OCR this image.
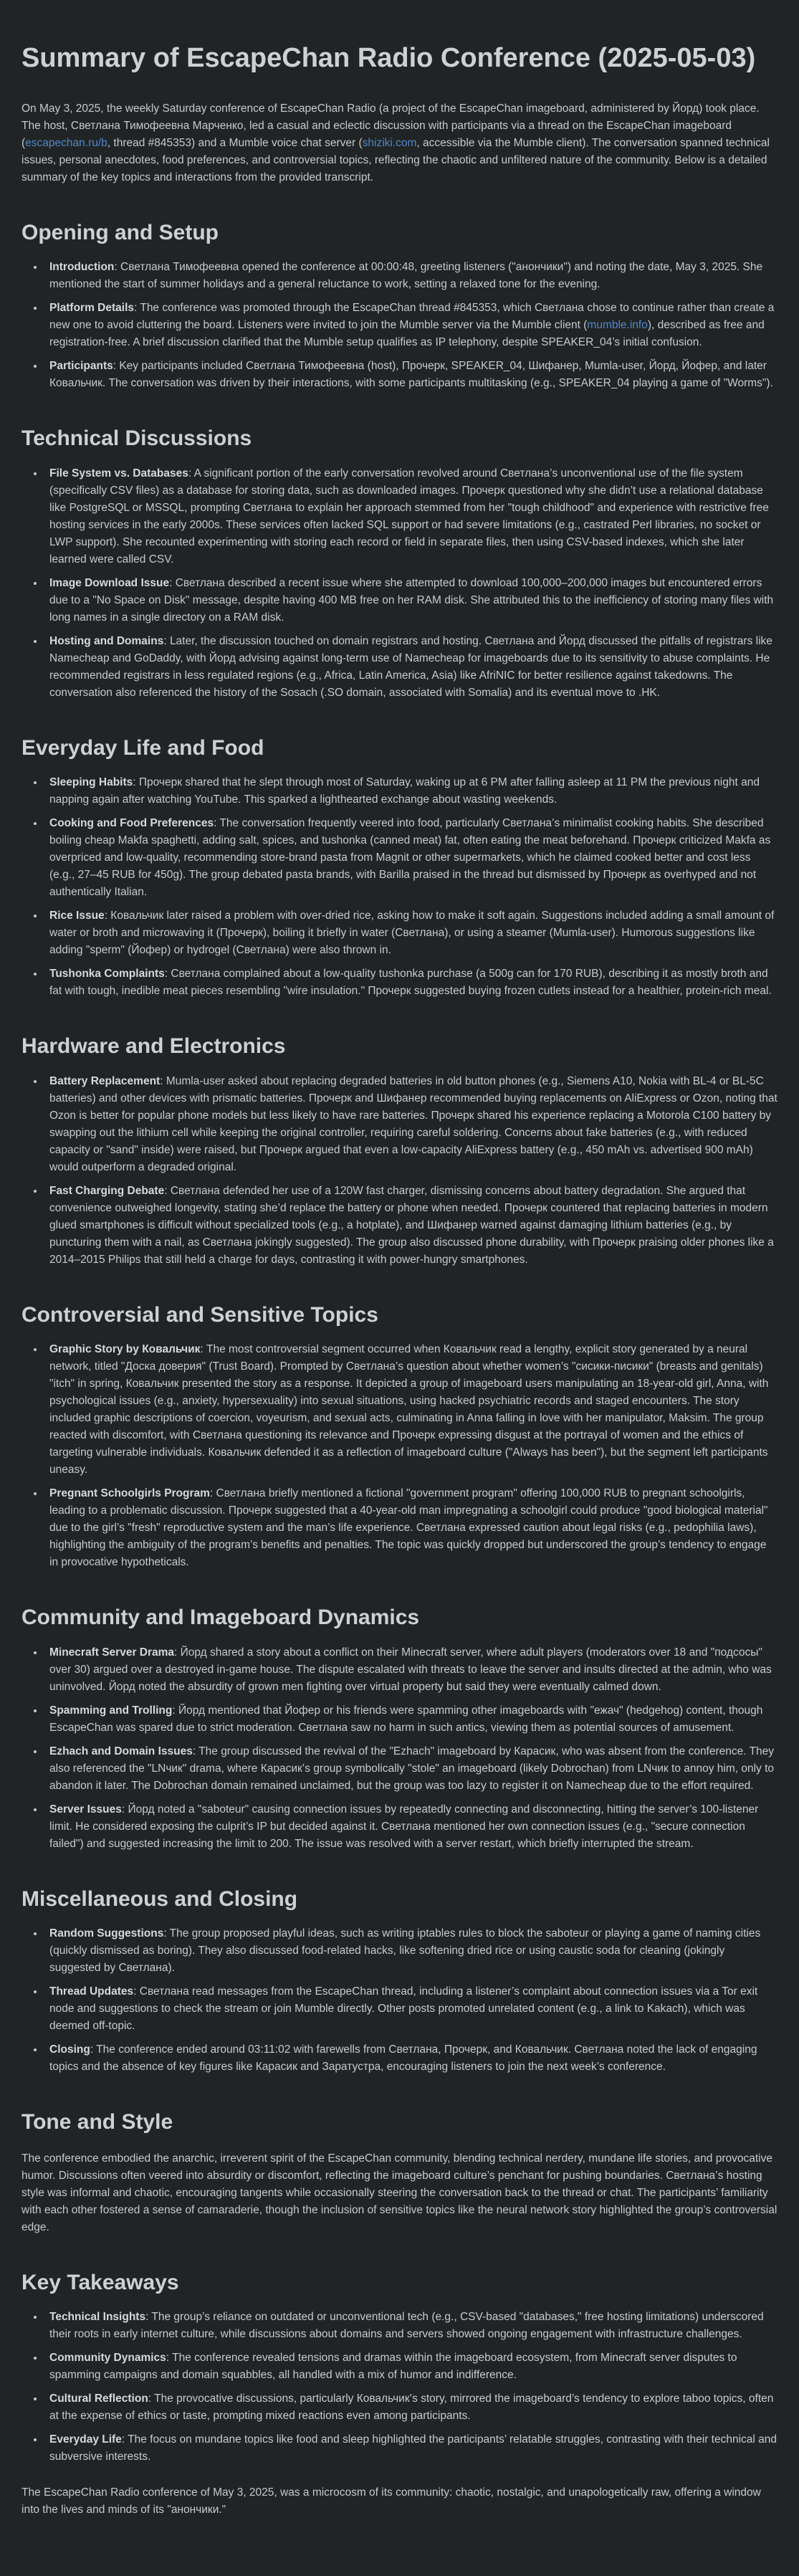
Summary of EscapeChan Radio Conference (2025-05-03)

On May 3, 2025, the weekly Saturday conference of EscapeChan Radio (a project of the EscapeChan imageboard, administered by Йорд) took place. The host, Светлана Тимофеевна Марченко, led a casual and eclectic discussion with participants via a thread on the EscapeChan imageboard (escapechan.ru/b, thread #845353) and a Mumble voice chat server (shiziki.com, accessible via the Mumble client). The conversation spanned technical issues, personal anecdotes, food preferences, and controversial topics, reflecting the chaotic and unfiltered nature of the community. Below is a detailed summary of the key topics and interactions from the provided transcript.

Opening and Setup
• Introduction: Светлана Тимофеевна opened the conference at 00:00:48, greeting listeners ("анончики") and noting the date, May 3, 2025. She mentioned the start of summer holidays and a general reluctance to work, setting a relaxed tone for the evening.
• Platform Details: The conference was promoted through the EscapeChan thread #845353, which Светлана chose to continue rather than create a new one to avoid cluttering the board. Listeners were invited to join the Mumble server via the Mumble client (mumble.info), described as free and registration-free. A brief discussion clarified that the Mumble setup qualifies as IP telephony, despite SPEAKER_04’s initial confusion.
• Participants: Key participants included Светлана Тимофеевна (host), Прочерк, SPEAKER_04, Шифанер, Mumla-user, Йорд, Йофер, and later Ковальчик. The conversation was driven by their interactions, with some participants multitasking (e.g., SPEAKER_04 playing a game of "Worms").
Technical Discussions
• File System vs. Databases: A significant portion of the early conversation revolved around Светлана’s unconventional use of the file system (specifically CSV files) as a database for storing data, such as downloaded images. Прочерк questioned why she didn’t use a relational database like PostgreSQL or MSSQL, prompting Светлана to explain her approach stemmed from her "tough childhood" and experience with restrictive free hosting services in the early 2000s. These services often lacked SQL support or had severe limitations (e.g., castrated Perl libraries, no socket or LWP support). She recounted experimenting with storing each record or field in separate files, then using CSV-based indexes, which she later learned were called CSV.
• Image Download Issue: Светлана described a recent issue where she attempted to download 100,000–200,000 images but encountered errors due to a "No Space on Disk" message, despite having 400 MB free on her RAM disk. She attributed this to the inefficiency of storing many files with long names in a single directory on a RAM disk.
• Hosting and Domains: Later, the discussion touched on domain registrars and hosting. Светлана and Йорд discussed the pitfalls of registrars like Namecheap and GoDaddy, with Йорд advising against long-term use of Namecheap for imageboards due to its sensitivity to abuse complaints. He recommended registrars in less regulated regions (e.g., Africa, Latin America, Asia) like AfriNIC for better resilience against takedowns. The conversation also referenced the history of the Sosach (.SO domain, associated with Somalia) and its eventual move to .HK.
Everyday Life and Food
• Sleeping Habits: Прочерк shared that he slept through most of Saturday, waking up at 6 PM after falling asleep at 11 PM the previous night and napping again after watching YouTube. This sparked a lighthearted exchange about wasting weekends.
• Cooking and Food Preferences: The conversation frequently veered into food, particularly Светлана’s minimalist cooking habits. She described boiling cheap Makfa spaghetti, adding salt, spices, and tushonka (canned meat) fat, often eating the meat beforehand. Прочерк criticized Makfa as overpriced and low-quality, recommending store-brand pasta from Magnit or other supermarkets, which he claimed cooked better and cost less (e.g., 27–45 RUB for 450g). The group debated pasta brands, with Barilla praised in the thread but dismissed by Прочерк as overhyped and not authentically Italian.
• Rice Issue: Ковальчик later raised a problem with over-dried rice, asking how to make it soft again. Suggestions included adding a small amount of water or broth and microwaving it (Прочерк), boiling it briefly in water (Светлана), or using a steamer (Mumla-user). Humorous suggestions like adding "sperm" (Йофер) or hydrogel (Светлана) were also thrown in.
• Tushonka Complaints: Светлана complained about a low-quality tushonka purchase (a 500g can for 170 RUB), describing it as mostly broth and fat with tough, inedible meat pieces resembling "wire insulation." Прочерк suggested buying frozen cutlets instead for a healthier, protein-rich meal.
Hardware and Electronics
• Battery Replacement: Mumla-user asked about replacing degraded batteries in old button phones (e.g., Siemens A10, Nokia with BL-4 or BL-5C batteries) and other devices with prismatic batteries. Прочерк and Шифанер recommended buying replacements on AliExpress or Ozon, noting that Ozon is better for popular phone models but less likely to have rare batteries. Прочерк shared his experience replacing a Motorola C100 battery by swapping out the lithium cell while keeping the original controller, requiring careful soldering. Concerns about fake batteries (e.g., with reduced capacity or "sand" inside) were raised, but Прочерк argued that even a low-capacity AliExpress battery (e.g., 450 mAh vs. advertised 900 mAh) would outperform a degraded original.
• Fast Charging Debate: Светлана defended her use of a 120W fast charger, dismissing concerns about battery degradation. She argued that convenience outweighed longevity, stating she’d replace the battery or phone when needed. Прочерк countered that replacing batteries in modern glued smartphones is difficult without specialized tools (e.g., a hotplate), and Шифанер warned against damaging lithium batteries (e.g., by puncturing them with a nail, as Светлана jokingly suggested). The group also discussed phone durability, with Прочерк praising older phones like a 2014–2015 Philips that still held a charge for days, contrasting it with power-hungry smartphones.
Controversial and Sensitive Topics
• Graphic Story by Ковальчик: The most controversial segment occurred when Ковальчик read a lengthy, explicit story generated by a neural network, titled "Доска доверия" (Trust Board). Prompted by Светлана’s question about whether women’s "сисики-писики" (breasts and genitals) "itch" in spring, Ковальчик presented the story as a response. It depicted a group of imageboard users manipulating an 18-year-old girl, Anna, with psychological issues (e.g., anxiety, hypersexuality) into sexual situations, using hacked psychiatric records and staged encounters. The story included graphic descriptions of coercion, voyeurism, and sexual acts, culminating in Anna falling in love with her manipulator, Maksim. The group reacted with discomfort, with Светлана questioning its relevance and Прочерк expressing disgust at the portrayal of women and the ethics of targeting vulnerable individuals. Ковальчик defended it as a reflection of imageboard culture ("Always has been"), but the segment left participants uneasy.
• Pregnant Schoolgirls Program: Светлана briefly mentioned a fictional "government program" offering 100,000 RUB to pregnant schoolgirls, leading to a problematic discussion. Прочерк suggested that a 40-year-old man impregnating a schoolgirl could produce "good biological material" due to the girl’s "fresh" reproductive system and the man’s life experience. Светлана expressed caution about legal risks (e.g., pedophilia laws), highlighting the ambiguity of the program’s benefits and penalties. The topic was quickly dropped but underscored the group’s tendency to engage in provocative hypotheticals.
Community and Imageboard Dynamics
• Minecraft Server Drama: Йорд shared a story about a conflict on their Minecraft server, where adult players (moderators over 18 and "подсосы" over 30) argued over a destroyed in-game house. The dispute escalated with threats to leave the server and insults directed at the admin, who was uninvolved. Йорд noted the absurdity of grown men fighting over virtual property but said they were eventually calmed down.
• Spamming and Trolling: Йорд mentioned that Йофер or his friends were spamming other imageboards with "ежач" (hedgehog) content, though EscapeChan was spared due to strict moderation. Светлана saw no harm in such antics, viewing them as potential sources of amusement.
• Ezhach and Domain Issues: The group discussed the revival of the "Ezhach" imageboard by Карасик, who was absent from the conference. They also referenced the "LNчик" drama, where Карасик’s group symbolically "stole" an imageboard (likely Dobrochan) from LNчик to annoy him, only to abandon it later. The Dobrochan domain remained unclaimed, but the group was too lazy to register it on Namecheap due to the effort required.
• Server Issues: Йорд noted a "saboteur" causing connection issues by repeatedly connecting and disconnecting, hitting the server’s 100-listener limit. He considered exposing the culprit’s IP but decided against it. Светлана mentioned her own connection issues (e.g., "secure connection failed") and suggested increasing the limit to 200. The issue was resolved with a server restart, which briefly interrupted the stream.
Miscellaneous and Closing
• Random Suggestions: The group proposed playful ideas, such as writing iptables rules to block the saboteur or playing a game of naming cities (quickly dismissed as boring). They also discussed food-related hacks, like softening dried rice or using caustic soda for cleaning (jokingly suggested by Светлана).
• Thread Updates: Светлана read messages from the EscapeChan thread, including a listener’s complaint about connection issues via a Tor exit node and suggestions to check the stream or join Mumble directly. Other posts promoted unrelated content (e.g., a link to Kakach), which was deemed off-topic.
• Closing: The conference ended around 03:11:02 with farewells from Светлана, Прочерк, and Ковальчик. Светлана noted the lack of engaging topics and the absence of key figures like Карасик and Заратустра, encouraging listeners to join the next week’s conference.
Tone and Style

The conference embodied the anarchic, irreverent spirit of the EscapeChan community, blending technical nerdery, mundane life stories, and provocative humor. Discussions often veered into absurdity or discomfort, reflecting the imageboard culture’s penchant for pushing boundaries. Светлана’s hosting style was informal and chaotic, encouraging tangents while occasionally steering the conversation back to the thread or chat. The participants’ familiarity with each other fostered a sense of camaraderie, though the inclusion of sensitive topics like the neural network story highlighted the group’s controversial edge.

Key Takeaways
• Technical Insights: The group’s reliance on outdated or unconventional tech (e.g., CSV-based "databases," free hosting limitations) underscored their roots in early internet culture, while discussions about domains and servers showed ongoing engagement with infrastructure challenges.
• Community Dynamics: The conference revealed tensions and dramas within the imageboard ecosystem, from Minecraft server disputes to spamming campaigns and domain squabbles, all handled with a mix of humor and indifference.
• Cultural Reflection: The provocative discussions, particularly Ковальчик’s story, mirrored the imageboard’s tendency to explore taboo topics, often at the expense of ethics or taste, prompting mixed reactions even among participants.
• Everyday Life: The focus on mundane topics like food and sleep highlighted the participants’ relatable struggles, contrasting with their technical and subversive interests.

The EscapeChan Radio conference of May 3, 2025, was a microcosm of its community: chaotic, nostalgic, and unapologetically raw, offering a window into the lives and minds of its "анончики."
